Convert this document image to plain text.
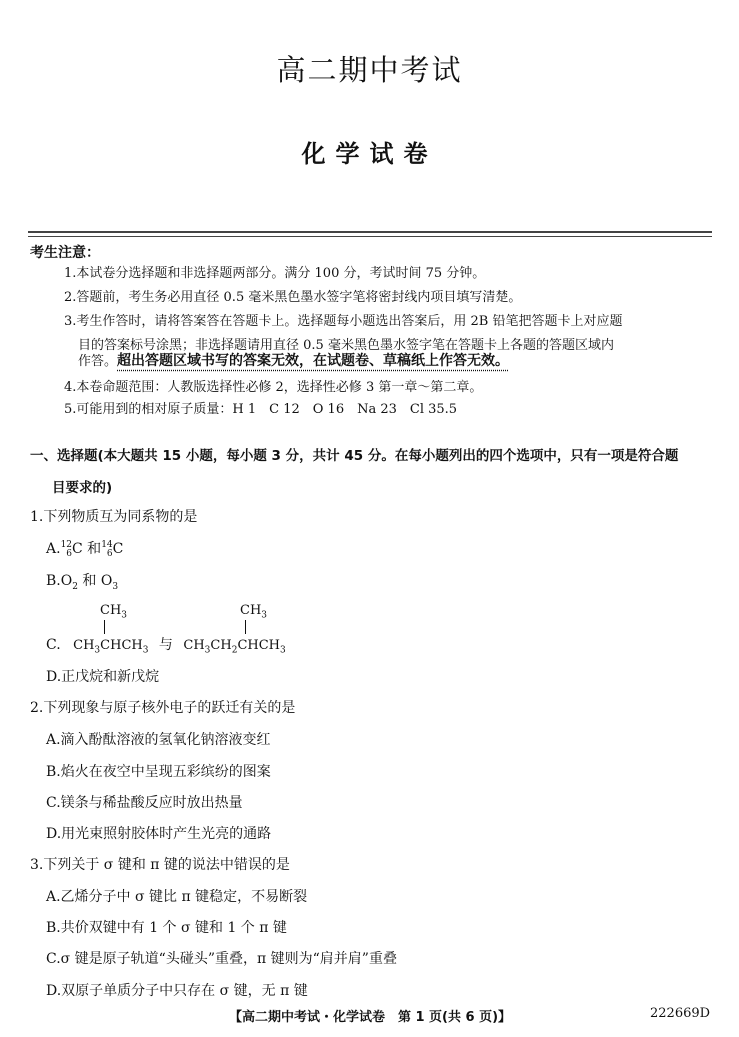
高二期中考试
化学试卷
考生注意：
1.本试卷分选择题和非选择题两部分。满分 100 分，考试时间 75 分钟。
2.答题前，考生务必用直径 0.5 毫米黑色墨水签字笔将密封线内项目填写清楚。
3.考生作答时，请将答案答在答题卡上。选择题每小题选出答案后，用 2B 铅笔把答题卡上对应题
目的答案标号涂黑；非选择题请用直径 0.5 毫米黑色墨水签字笔在答题卡上各题的答题区域内
作答。超出答题区域书写的答案无效，在试题卷、草稿纸上作答无效。
4.本卷命题范围：人教版选择性必修 2，选择性必修 3 第一章～第二章。
5.可能用到的相对原子质量：H 1　C 12　O 16　Na 23　Cl 35.5
一、选择题(本大题共 15 小题，每小题 3 分，共计 45 分。在每小题列出的四个选项中，只有一项是符合题
目要求的)
1.下列物质互为同系物的是
A.12
6C 和14
6C
$B.O_2$ 和 $O_3$
$CH_3$	$CH_3$
C. $CH_3CHCH_3$ 与 $CH_3CH_2CHCH_3$
D.正戊烷和新戊烷
2.下列现象与原子核外电子的跃迁有关的是
A.滴入酚酞溶液的氢氧化钠溶液变红
B.焰火在夜空中呈现五彩缤纷的图案
C.镁条与稀盐酸反应时放出热量
D.用光束照射胶体时产生光亮的通路
3.下列关于 σ 键和 π 键的说法中错误的是
A.乙烯分子中 σ 键比 π 键稳定，不易断裂
B.共价双键中有 1 个 σ 键和 1 个 π 键
C.σ 键是原子轨道“头碰头”重叠，π 键则为“肩并肩”重叠
D.双原子单质分子中只存在 σ 键，无 π 键
【高二期中考试・化学试卷　第 1 页(共 6 页)】	222669D
